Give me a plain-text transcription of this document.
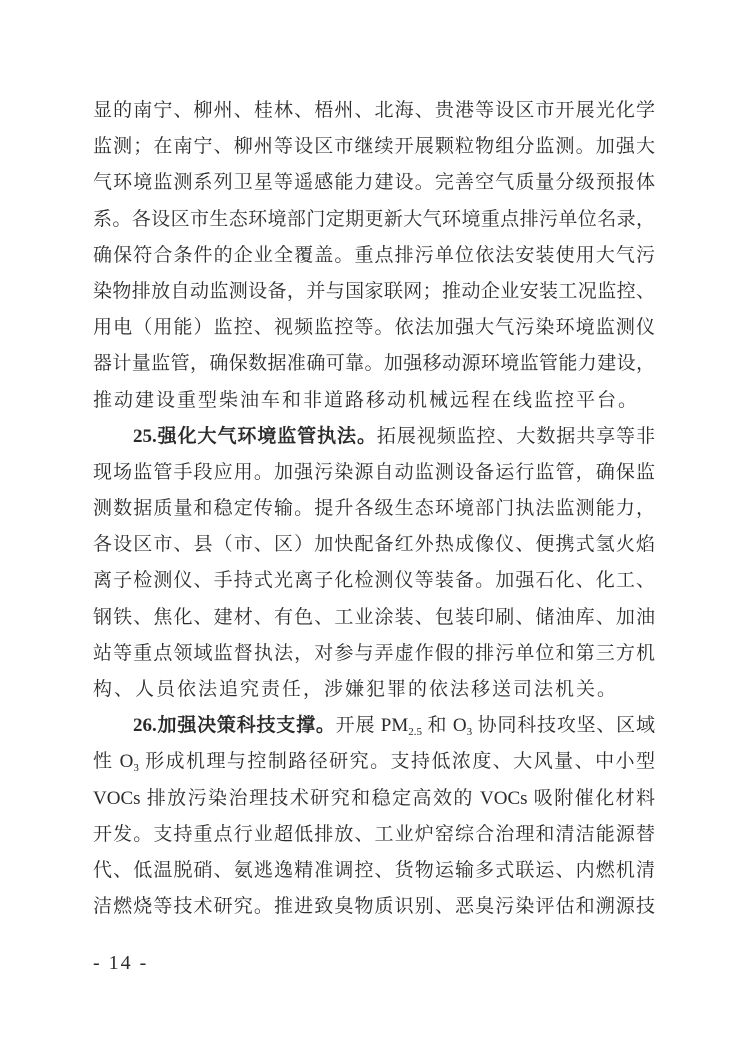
显的南宁、柳州、桂林、梧州、北海、贵港等设区市开展光化学
监测；在南宁、柳州等设区市继续开展颗粒物组分监测。加强大
气环境监测系列卫星等遥感能力建设。完善空气质量分级预报体
系。各设区市生态环境部门定期更新大气环境重点排污单位名录，
确保符合条件的企业全覆盖。重点排污单位依法安装使用大气污
染物排放自动监测设备，并与国家联网；推动企业安装工况监控、
用电（用能）监控、视频监控等。依法加强大气污染环境监测仪
器计量监管，确保数据准确可靠。加强移动源环境监管能力建设，
推动建设重型柴油车和非道路移动机械远程在线监控平台。
25.强化大气环境监管执法。拓展视频监控、大数据共享等非
现场监管手段应用。加强污染源自动监测设备运行监管，确保监
测数据质量和稳定传输。提升各级生态环境部门执法监测能力，
各设区市、县（市、区）加快配备红外热成像仪、便携式氢火焰
离子检测仪、手持式光离子化检测仪等装备。加强石化、化工、
钢铁、焦化、建材、有色、工业涂装、包装印刷、储油库、加油
站等重点领域监督执法，对参与弄虚作假的排污单位和第三方机
构、人员依法追究责任，涉嫌犯罪的依法移送司法机关。
26.加强决策科技支撑。开展 $PM_{2.5}$ 和 $O_3$ 协同科技攻坚、区域
性 $O_3$ 形成机理与控制路径研究。支持低浓度、大风量、中小型
VOCs 排放污染治理技术研究和稳定高效的 VOCs 吸附催化材料
开发。支持重点行业超低排放、工业炉窑综合治理和清洁能源替
代、低温脱硝、氨逃逸精准调控、货物运输多式联运、内燃机清
洁燃烧等技术研究。推进致臭物质识别、恶臭污染评估和溯源技
- 14 -
